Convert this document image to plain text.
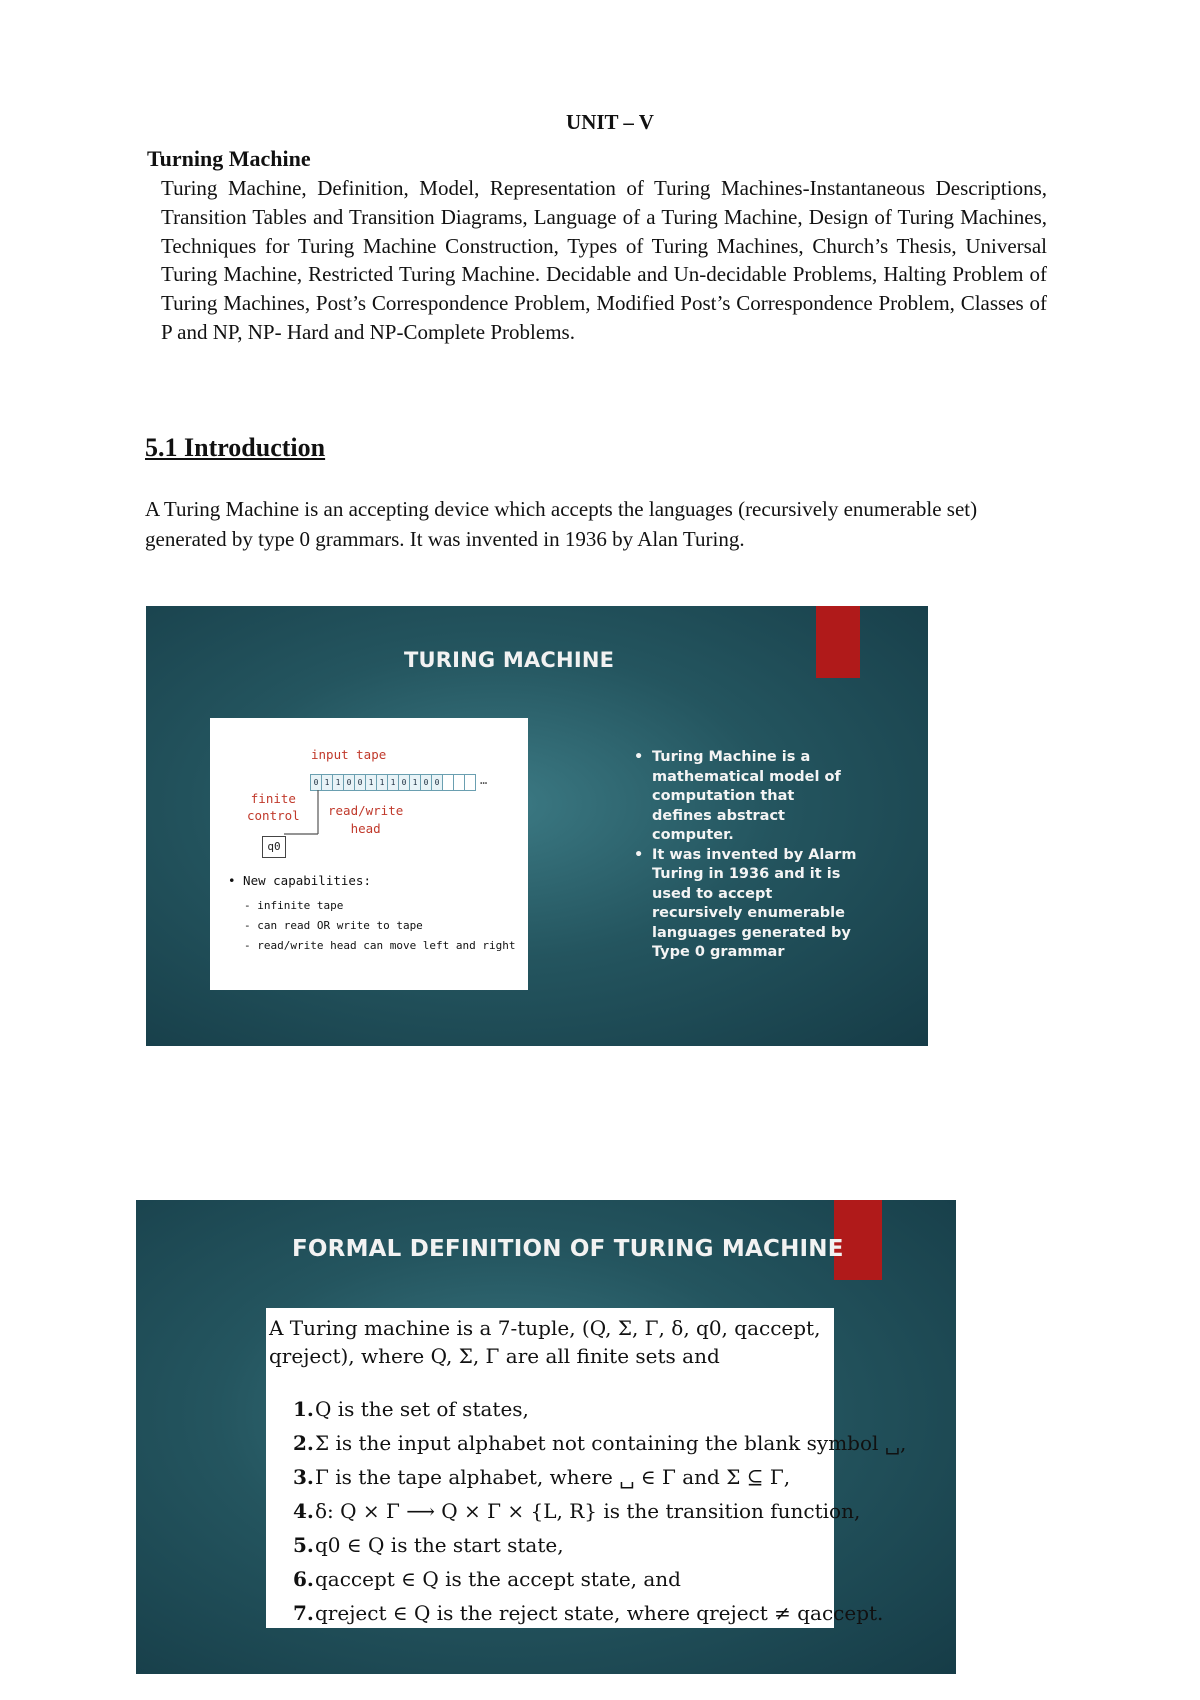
UNIT – V
Turning Machine

Turing Machine, Definition, Model, Representation of Turing Machines-Instantaneous Descriptions, Transition Tables and Transition Diagrams, Language of a Turing Machine, Design of Turing Machines, Techniques for Turing Machine Construction, Types of Turing Machines, Church’s Thesis, Universal Turing Machine, Restricted Turing Machine. Decidable and Un-decidable Problems, Halting Problem of Turing Machines, Post’s Correspondence Problem, Modified Post’s Correspondence Problem, Classes of P and NP, NP- Hard and NP-Complete Problems.

5.1 Introduction

A Turing Machine is an accepting device which accepts the languages (recursively enumerable set) generated by type 0 grammars. It was invented in 1936 by Alan Turing.

TURING MACHINE
input tape
0 1 1 0 0 1 1 1 0 1 0 0	…
finite
control read/write
head
q0
• New capabilities:
- infinite tape
- can read OR write to tape
- read/write head can move left and right
• Turing Machine is a mathematical model of computation that defines abstract computer.
• It was invented by Alarm Turing in 1936 and it is used to accept recursively enumerable languages generated by Type 0 grammar
FORMAL DEFINITION OF TURING MACHINE
A Turing machine is a 7-tuple, (Q, Σ, Γ, δ, q0, qaccept, qreject), where Q, Σ, Γ are all finite sets and
1.Q is the set of states,
2.Σ is the input alphabet not containing the blank symbol ␣,
3.Γ is the tape alphabet, where ␣ ∈ Γ and Σ ⊆ Γ,
4.δ: Q × Γ ⟶ Q × Γ × {L, R} is the transition function,
5.q0 ∈ Q is the start state,
6.qaccept ∈ Q is the accept state, and
7.qreject ∈ Q is the reject state, where qreject ≠ qaccept.
